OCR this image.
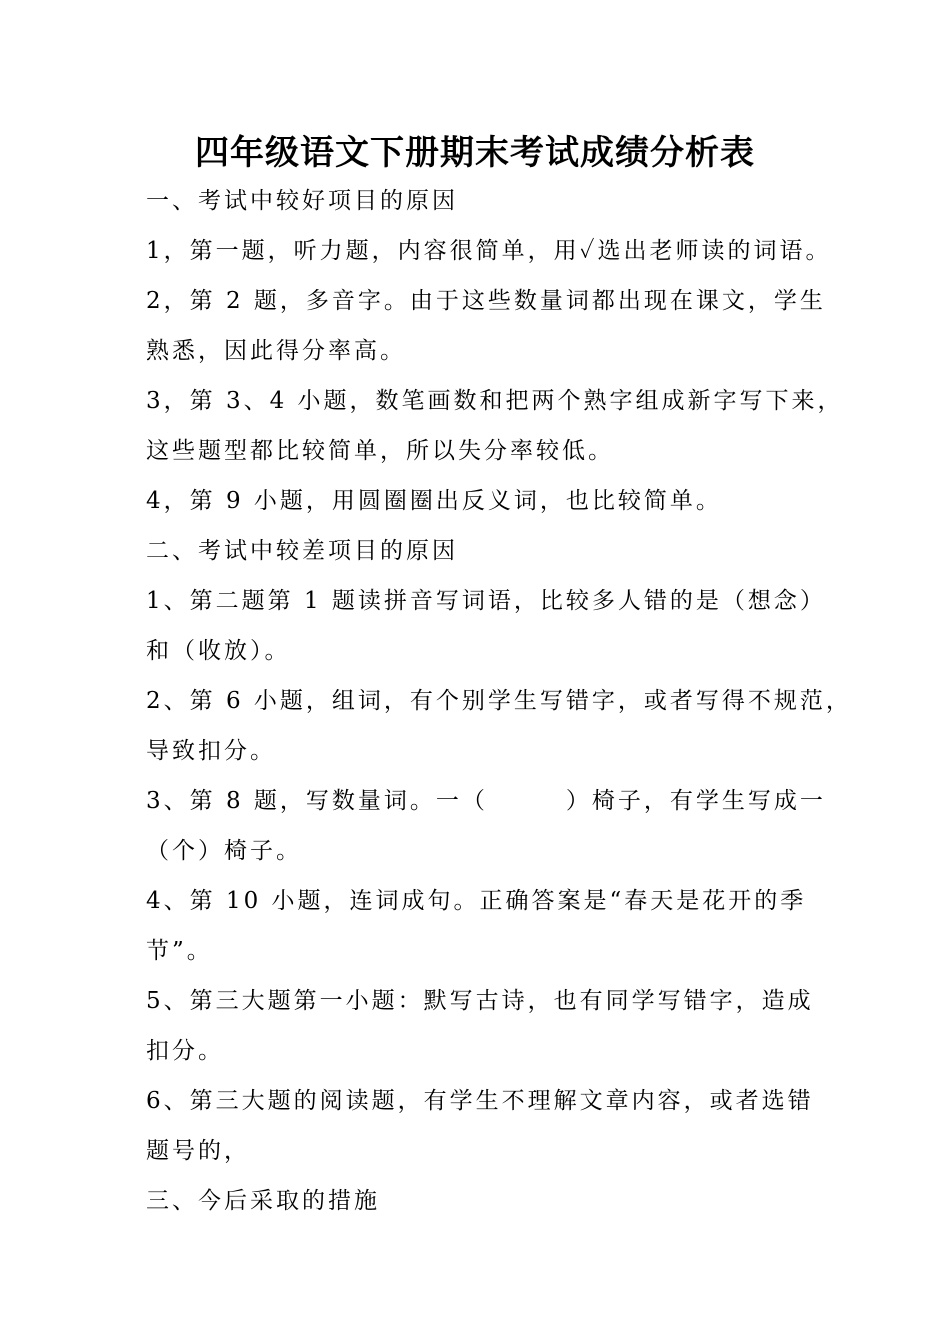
四年级语文下册期末考试成绩分析表
一、考试中较好项目的原因
1，第一题，听力题，内容很简单，用✓选出老师读的词语。
2，第 2 题，多音字。由于这些数量词都出现在课文，学生
熟悉，因此得分率高。
3，第 3、4 小题，数笔画数和把两个熟字组成新字写下来，
这些题型都比较简单，所以失分率较低。
4，第 9 小题，用圆圈圈出反义词，也比较简单。
二、考试中较差项目的原因
1、第二题第 1 题读拼音写词语，比较多人错的是（想念）
和（收放）。
2、第 6 小题，组词，有个别学生写错字，或者写得不规范，
导致扣分。
3、第 8 题，写数量词。一（　　　）椅子，有学生写成一
（个）椅子。
4、第 10 小题，连词成句。正确答案是“春天是花开的季
节”。
5、第三大题第一小题：默写古诗，也有同学写错字，造成
扣分。
6、第三大题的阅读题，有学生不理解文章内容，或者选错
题号的，
三、今后采取的措施
